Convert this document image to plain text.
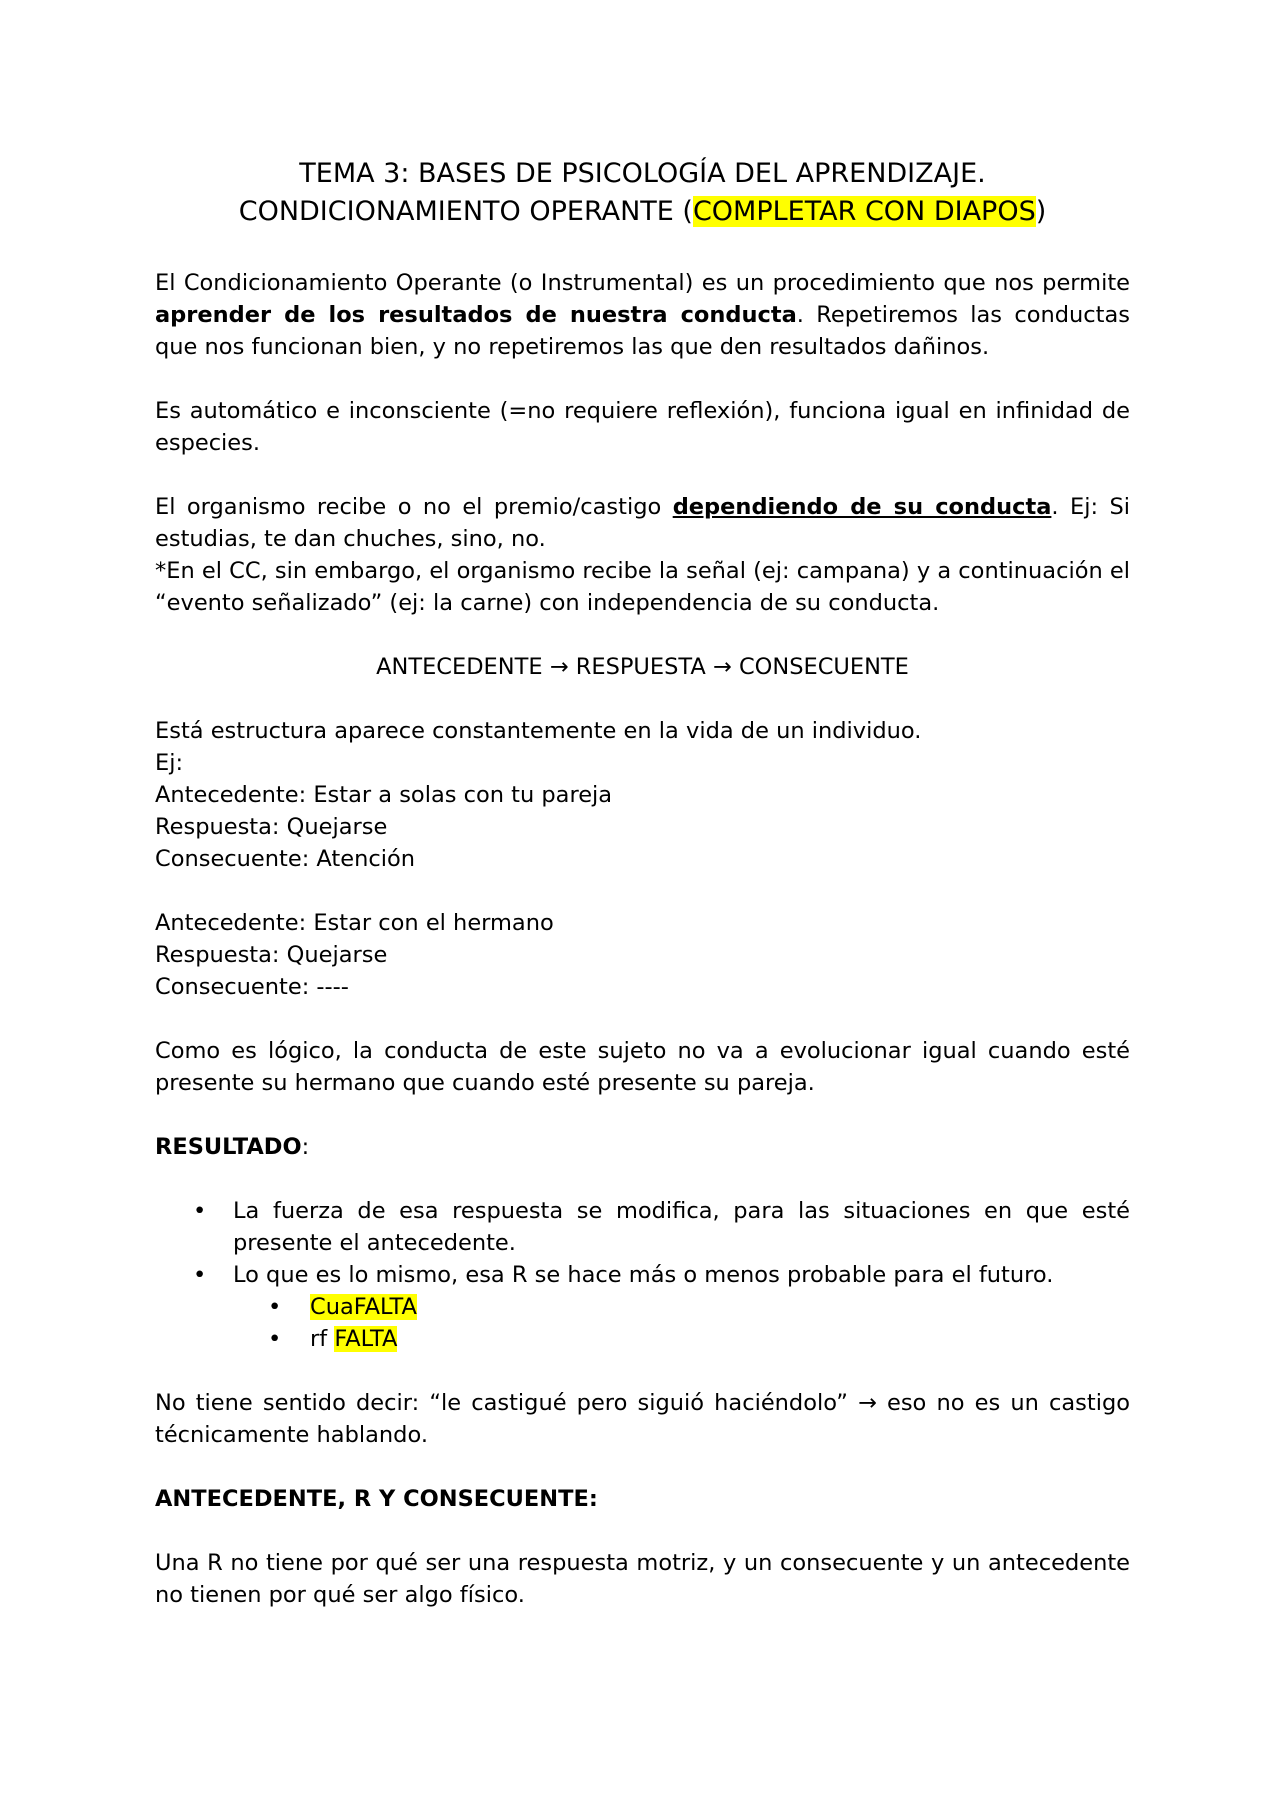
TEMA 3: BASES DE PSICOLOGÍA DEL APRENDIZAJE.
CONDICIONAMIENTO OPERANTE (COMPLETAR CON DIAPOS)

El Condicionamiento Operante (o Instrumental) es un procedimiento que nos permite aprender de los resultados de nuestra conducta. Repetiremos las conductas que nos funcionan bien, y no repetiremos las que den resultados dañinos.

Es automático e inconsciente (=no requiere reflexión), funciona igual en infinidad de especies.

El organismo recibe o no el premio/castigo dependiendo de su conducta. Ej: Si estudias, te dan chuches, sino, no.

*En el CC, sin embargo, el organismo recibe la señal (ej: campana) y a continuación el “evento señalizado” (ej: la carne) con independencia de su conducta.

ANTECEDENTE → RESPUESTA → CONSECUENTE

Está estructura aparece constantemente en la vida de un individuo.

Ej:

Antecedente: Estar a solas con tu pareja

Respuesta: Quejarse

Consecuente: Atención

Antecedente: Estar con el hermano

Respuesta: Quejarse

Consecuente: ----

Como es lógico, la conducta de este sujeto no va a evolucionar igual cuando esté presente su hermano que cuando esté presente su pareja.

RESULTADO:

• La fuerza de esa respuesta se modifica, para las situaciones en que esté presente el antecedente.
• Lo que es lo mismo, esa R se hace más o menos probable para el futuro.
• CuaFALTA
• rf FALTA

No tiene sentido decir: “le castigué pero siguió haciéndolo” → eso no es un castigo técnicamente hablando.

ANTECEDENTE, R Y CONSECUENTE:

Una R no tiene por qué ser una respuesta motriz, y un consecuente y un antecedente no tienen por qué ser algo físico.
